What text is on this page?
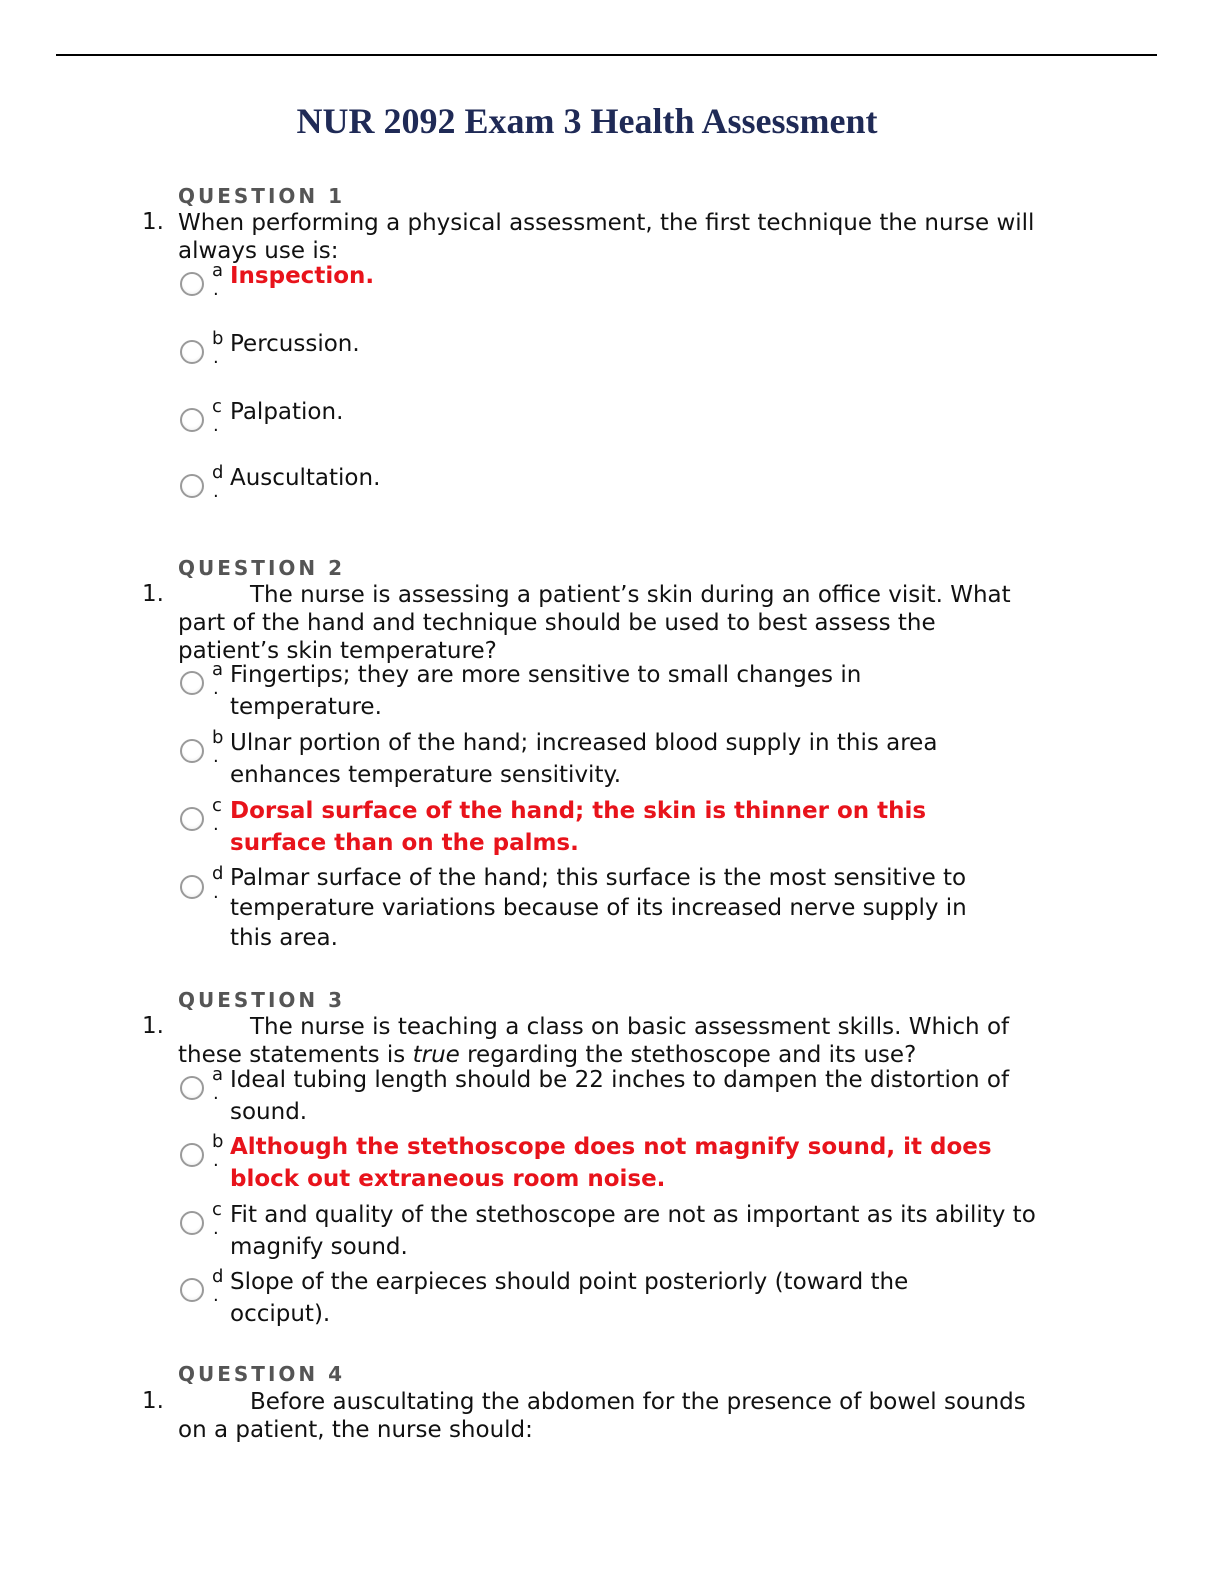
NUR 2092 Exam 3 Health Assessment
QUESTION 1
1. When performing a physical assessment, the first technique the nurse will always use is:
a
·
Inspection.
b
·
Percussion.
c
·
Palpation.
d
·
Auscultation.
QUESTION 2
1.	The nurse is assessing a patient’s skin during an office visit. What part of the hand and technique should be used to best assess the patient’s skin temperature?
a
·
Fingertips; they are more sensitive to small changes in temperature.
b
·
Ulnar portion of the hand; increased blood supply in this area enhances temperature sensitivity.
c
·
Dorsal surface of the hand; the skin is thinner on this surface than on the palms.
d
·
Palmar surface of the hand; this surface is the most sensitive to temperature variations because of its increased nerve supply in this area.
QUESTION 3
1.	The nurse is teaching a class on basic assessment skills. Which of these statements is true regarding the stethoscope and its use?
a
·
Ideal tubing length should be 22 inches to dampen the distortion of sound.
b
·
Although the stethoscope does not magnify sound, it does block out extraneous room noise.
c
·
Fit and quality of the stethoscope are not as important as its ability to magnify sound.
d
·
Slope of the earpieces should point posteriorly (toward the occiput).
QUESTION 4
1.	Before auscultating the abdomen for the presence of bowel sounds on a patient, the nurse should:
